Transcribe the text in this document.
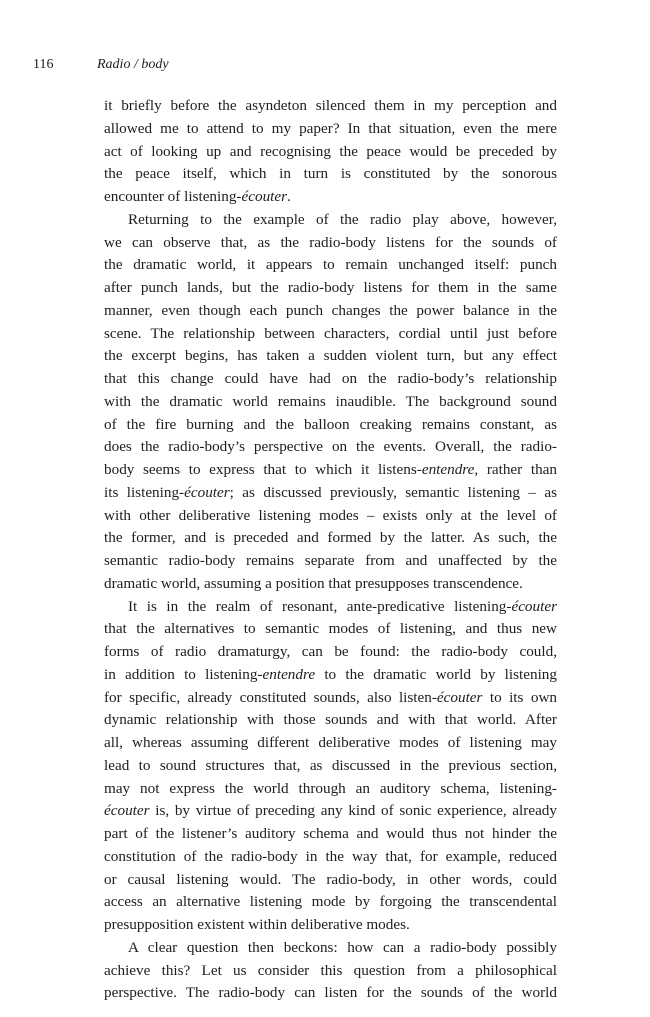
116	Radio / body
it briefly before the asyndeton silenced them in my perception and
allowed me to attend to my paper? In that situation, even the mere
act of looking up and recognising the peace would be preceded by
the peace itself, which in turn is constituted by the sonorous
encounter of listening-écouter.
Returning to the example of the radio play above, however,
we can observe that, as the radio-body listens for the sounds of
the dramatic world, it appears to remain unchanged itself: punch
after punch lands, but the radio-body listens for them in the same
manner, even though each punch changes the power balance in the
scene. The relationship between characters, cordial until just before
the excerpt begins, has taken a sudden violent turn, but any effect
that this change could have had on the radio-body’s relationship
with the dramatic world remains inaudible. The background sound
of the fire burning and the balloon creaking remains constant, as
does the radio-body’s perspective on the events. Overall, the radio-
body seems to express that to which it listens-entendre, rather than
its listening-écouter; as discussed previously, semantic listening – as
with other deliberative listening modes – exists only at the level of
the former, and is preceded and formed by the latter. As such, the
semantic radio-body remains separate from and unaffected by the
dramatic world, assuming a position that presupposes transcendence.
It is in the realm of resonant, ante-predicative listening-écouter
that the alternatives to semantic modes of listening, and thus new
forms of radio dramaturgy, can be found: the radio-body could,
in addition to listening-entendre to the dramatic world by listening
for specific, already constituted sounds, also listen-écouter to its own
dynamic relationship with those sounds and with that world. After
all, whereas assuming different deliberative modes of listening may
lead to sound structures that, as discussed in the previous section,
may not express the world through an auditory schema, listening-
écouter is, by virtue of preceding any kind of sonic experience, already
part of the listener’s auditory schema and would thus not hinder the
constitution of the radio-body in the way that, for example, reduced
or causal listening would. The radio-body, in other words, could
access an alternative listening mode by forgoing the transcendental
presupposition existent within deliberative modes.
A clear question then beckons: how can a radio-body possibly
achieve this? Let us consider this question from a philosophical
perspective. The radio-body can listen for the sounds of the world
